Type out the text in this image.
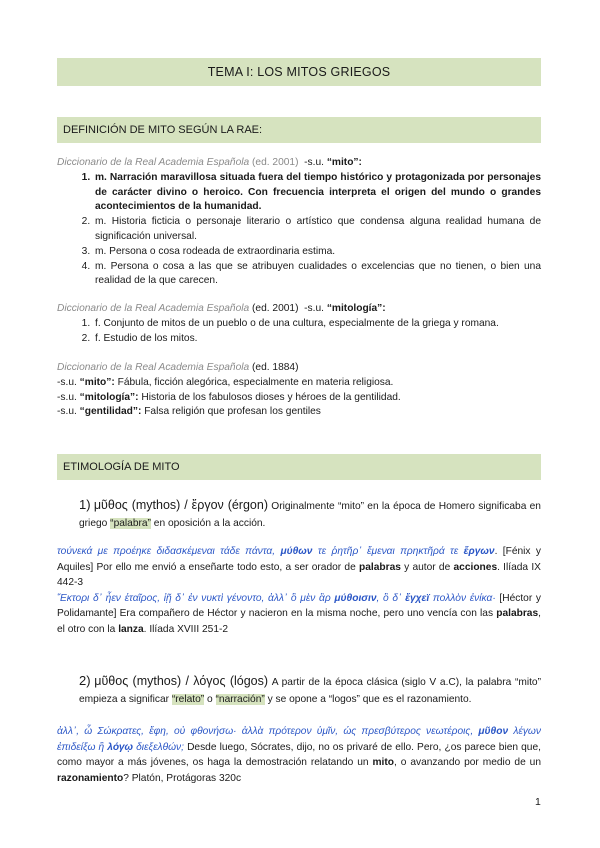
TEMA I: LOS MITOS GRIEGOS
DEFINICIÓN DE MITO SEGÚN LA RAE:
Diccionario de la Real Academia Española (ed. 2001) -s.u. “mito”:
1. m. Narración maravillosa situada fuera del tiempo histórico y protagonizada por personajes de carácter divino o heroico. Con frecuencia interpreta el origen del mundo o grandes acontecimientos de la humanidad.
2. m. Historia ficticia o personaje literario o artístico que condensa alguna realidad humana de significación universal.
3. m. Persona o cosa rodeada de extraordinaria estima.
4. m. Persona o cosa a las que se atribuyen cualidades o excelencias que no tienen, o bien una realidad de la que carecen.
Diccionario de la Real Academia Española (ed. 2001) -s.u. “mitología”:
1. f. Conjunto de mitos de un pueblo o de una cultura, especialmente de la griega y romana.
2. f. Estudio de los mitos.
Diccionario de la Real Academia Española (ed. 1884)
-s.u. “mito”: Fábula, ficción alegórica, especialmente en materia religiosa.
-s.u. “mitología”: Historia de los fabulosos dioses y héroes de la gentilidad.
-s.u. “gentilidad”: Falsa religión que profesan los gentiles
ETIMOLOGÍA DE MITO
1) μῦθος (mythos) / ἔργον (érgon) Originalmente “mito” en la época de Homero significaba en griego “palabra” en oposición a la acción.
τούνεκά με προέηκε διδασκέμεναι τάδε πάντα, μύθων τε ῥητῆρ᾽ ἔμεναι πρηκτῆρά τε ἔργων. [Fénix y Aquiles] Por ello me envió a enseñarte todo esto, a ser orador de palabras y autor de acciones. Ilíada IX 442-3
Ἕκτορι δ᾽ ἦεν ἑταῖρος, ἰῇ δ᾽ ἐν νυκτὶ γένοντο, ἀλλ᾽ ὃ μὲν ἂρ μύθοισιν, ὃ δ᾽ ἔγχεϊ πολλὸν ἐνίκα· [Héctor y Polidamante] Era compañero de Héctor y nacieron en la misma noche, pero uno vencía con las palabras, el otro con la lanza. Ilíada XVIII 251-2
2) μῦθος (mythos) / λόγος (lógos) A partir de la época clásica (siglo V a.C), la palabra “mito” empieza a significar “relato” o “narración” y se opone a “logos” que es el razonamiento.
ἀλλ᾽, ὦ Σώκρατες, ἔφη, οὐ φθονήσω· ἀλλὰ πρότερον ὑμῖν, ὡς πρεσβύτερος νεωτέροις, μῦθον λέγων ἐπιδείξω ἢ λόγῳ διεξελθών; Desde luego, Sócrates, dijo, no os privaré de ello. Pero, ¿os parece bien que, como mayor a más jóvenes, os haga la demostración relatando un mito, o avanzando por medio de un razonamiento? Platón, Protágoras 320c
1
